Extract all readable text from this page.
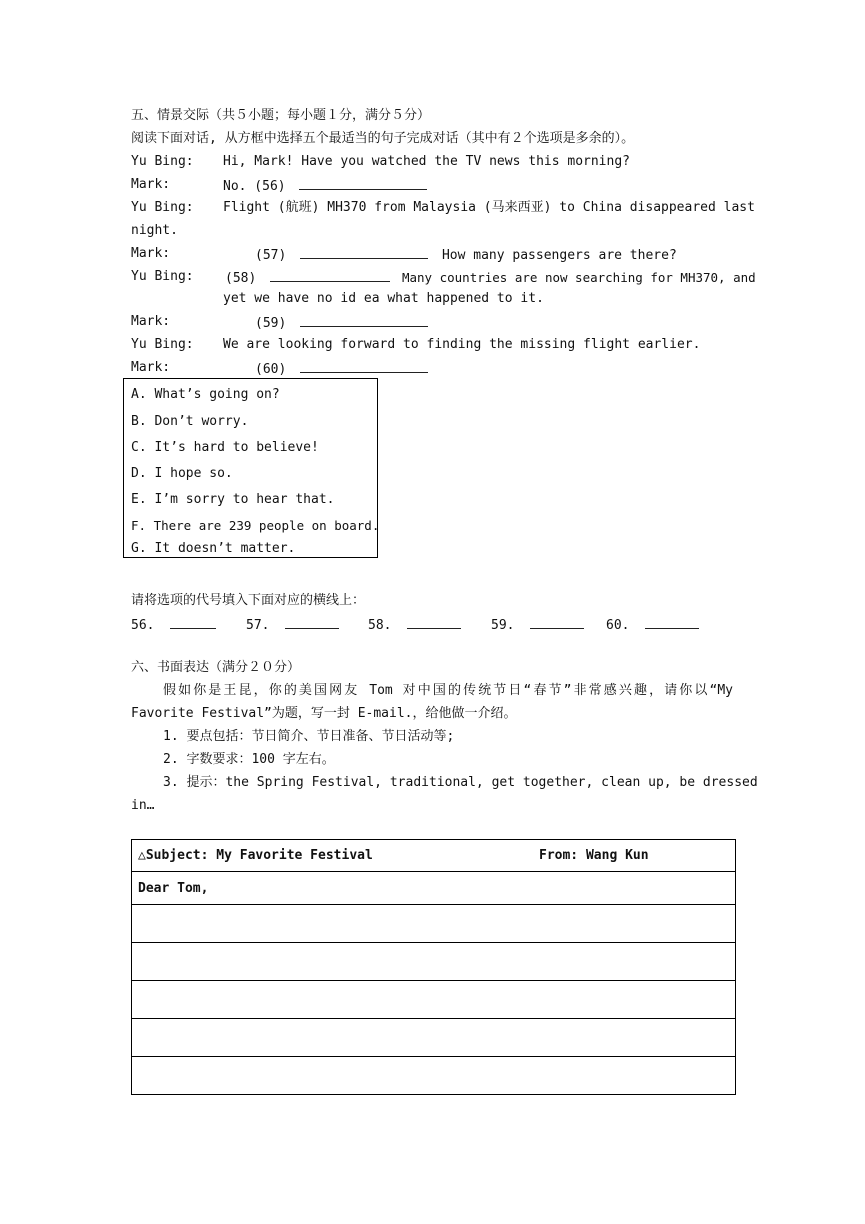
五、情景交际（共５小题；每小题１分，满分５分）
阅读下面对话, 从方框中选择五个最适当的句子完成对话（其中有２个选项是多余的）。
Yu Bing: Hi, Mark! Have you watched the TV news this morning?
Mark:	No. (56)
Yu Bing: Flight (航班) MH370 from Malaysia (马来西亚) to China disappeared last
night.
Mark:	(57)	How many passengers are there?
Yu Bing: (58)	Many countries are now searching for MH370, and
yet we have no id ea what happened to it.
Mark:	(59)
Yu Bing: We are looking forward to finding the missing flight earlier.
Mark:	(60)
A. What’s going on?
B. Don’t worry.
C. It’s hard to believe!
D. I hope so.
E. I’m sorry to hear that.
F. There are 239 people on board.
G. It doesn’t matter.
请将选项的代号填入下面对应的横线上：
56.	57.	58.	59.	60.
六、书面表达（满分２０分）
假如你是王昆，你的美国网友 Tom 对中国的传统节日“春节”非常感兴趣，请你以“My
Favorite Festival”为题，写一封 E-mail.，给他做一介绍。
1. 要点包括：节日简介、节日准备、节日活动等;
2. 字数要求：100 字左右。
3. 提示：the Spring Festival, traditional, get together, clean up, be dressed
in…
△Subject: My Favorite Festival	From: Wang Kun

Dear Tom,
